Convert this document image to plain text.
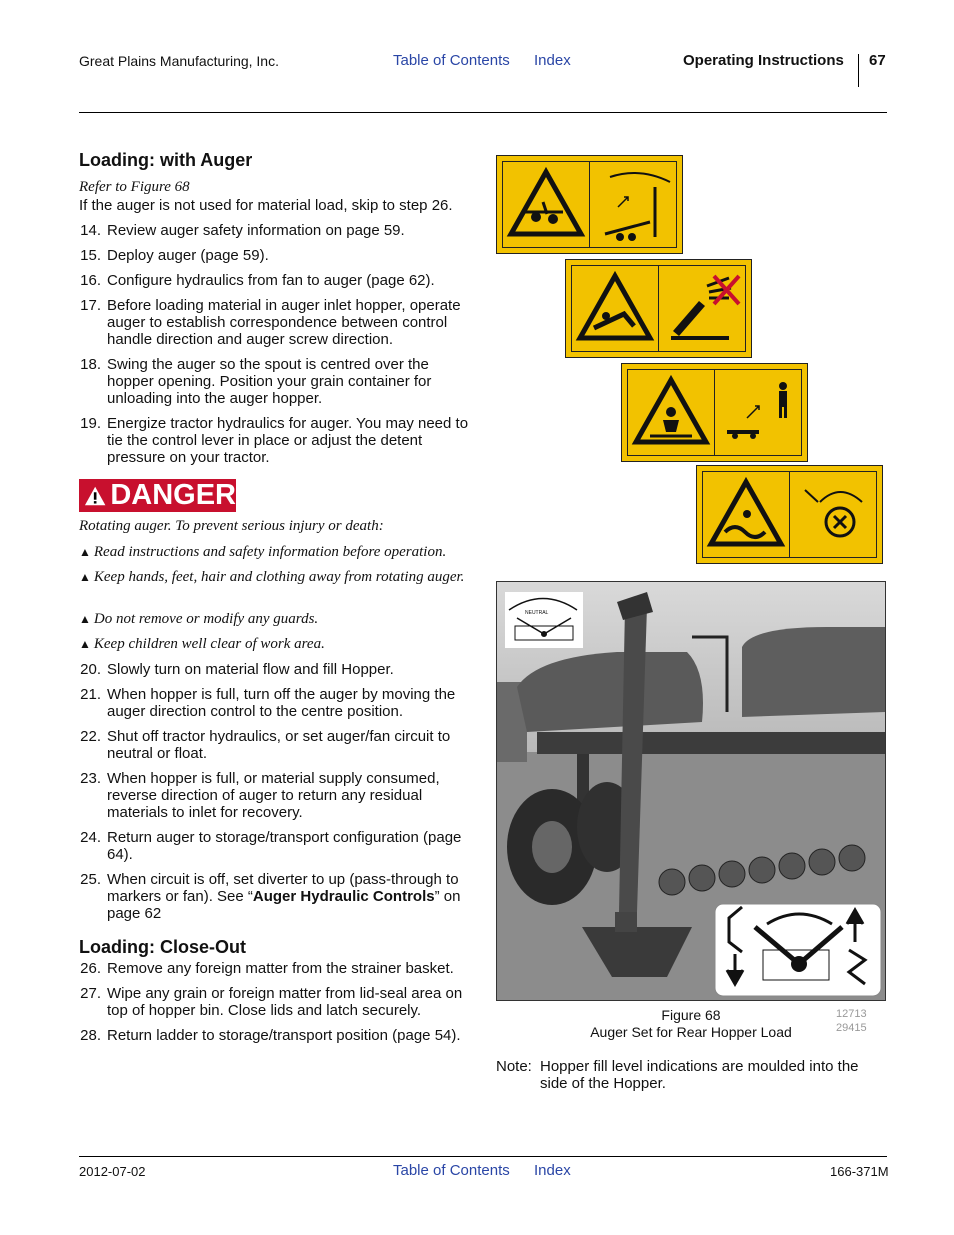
Great Plains Manufacturing, Inc.	Table of Contents Index	Operating Instructions 67
Loading: with Auger
Refer to Figure 68
If the auger is not used for material load, skip to step 26.
14. Review auger safety information on page 59.
15. Deploy auger (page 59).
16. Configure hydraulics from fan to auger (page 62).
17. Before loading material in auger inlet hopper, operate auger to establish correspondence between control handle direction and auger screw direction.
18. Swing the auger so the spout is centred over the hopper opening. Position your grain container for unloading into the auger hopper.
19. Energize tractor hydraulics for auger. You may need to tie the control lever in place or adjust the detent pressure on your tractor.
DANGER
Rotating auger. To prevent serious injury or death:
▲ Read instructions and safety information before operation.
▲ Keep hands, feet, hair and clothing away from rotating auger.
▲ Do not remove or modify any guards.
▲ Keep children well clear of work area.
20. Slowly turn on material flow and fill Hopper.
21. When hopper is full, turn off the auger by moving the auger direction control to the centre position.
22. Shut off tractor hydraulics, or set auger/fan circuit to neutral or float.
23. When hopper is full, or material supply consumed, reverse direction of auger to return any residual materials to inlet for recovery.
24. Return auger to storage/transport configuration (page 64).
25. When circuit is off, set diverter to up (pass-through to markers or fan). See “Auger Hydraulic Controls” on page 62
Loading: Close-Out
26. Remove any foreign matter from the strainer basket.
27. Wipe any grain or foreign matter from lid-seal area on top of hopper bin. Close lids and latch securely.
28. Return ladder to storage/transport position (page 54).
NEUTRAL
Figure 68
Auger Set for Rear Hopper Load
12713
29415
Note: Hopper fill level indications are moulded into the side of the Hopper.
2012-07-02	Table of Contents Index	166-371M
